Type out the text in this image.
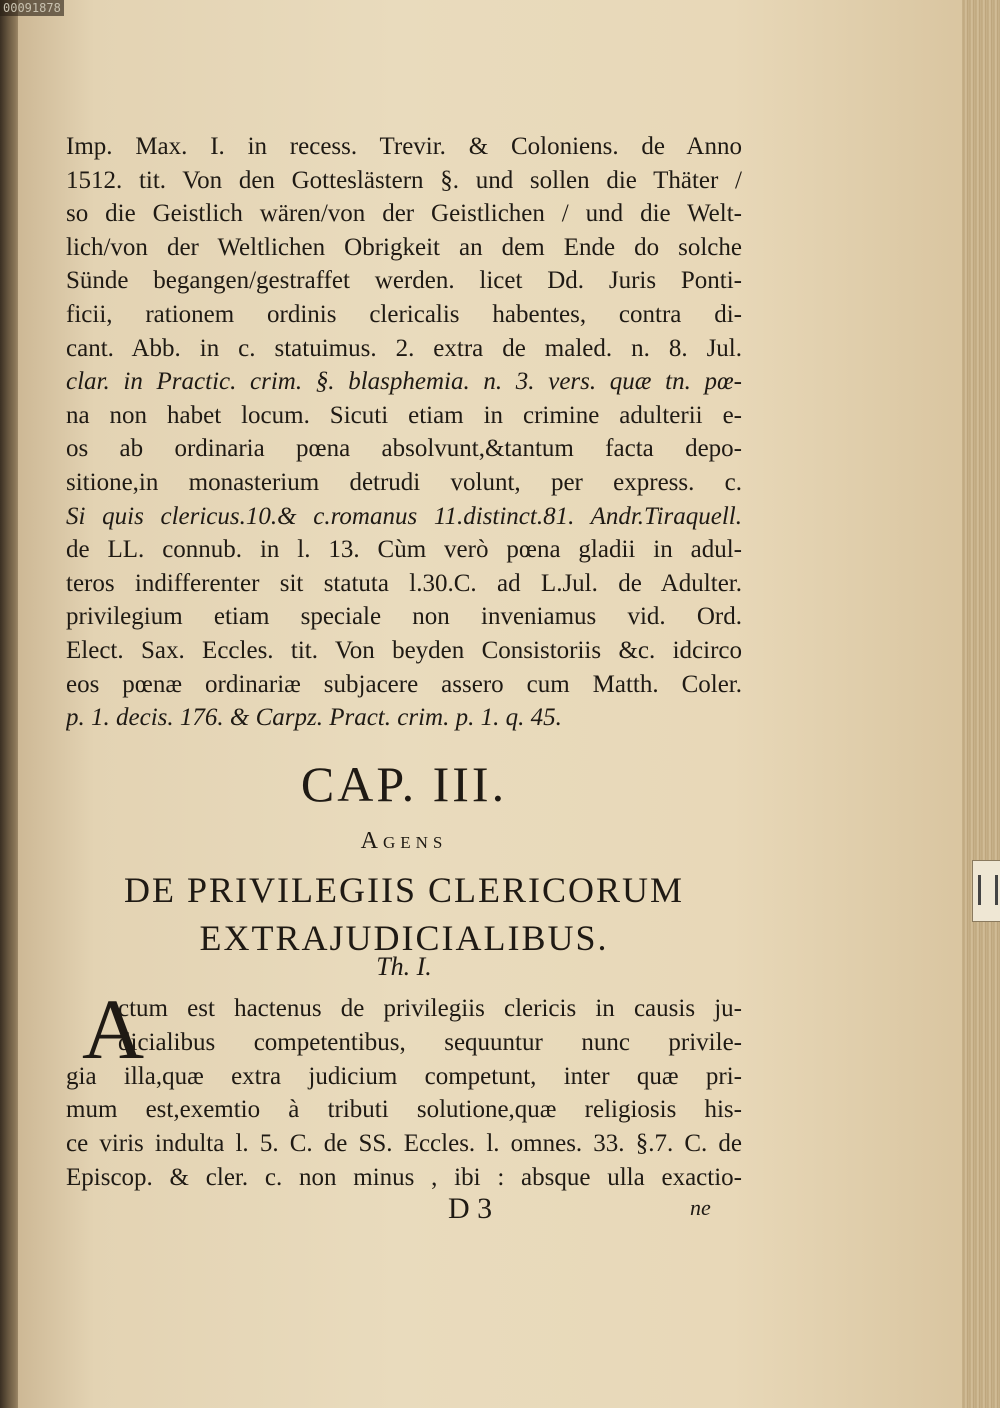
00091878
Imp. Max. I. in recess. Trevir. & Coloniens. de Anno
1512. tit. Von den Gotteslästern §. und sollen die Thäter /
so die Geistlich wären/von der Geistlichen / und die Welt-
lich/von der Weltlichen Obrigkeit an dem Ende do solche
Sünde begangen/gestraffet werden. licet Dd. Juris Ponti-
ficii, rationem ordinis clericalis habentes, contra di-
cant. Abb. in c. statuimus. 2. extra de maled. n. 8. Jul.
clar. in Practic. crim. §. blasphemia. n. 3. vers. quæ tn. pœ-
na non habet locum. Sicuti etiam in crimine adulterii e-
os ab ordinaria pœna absolvunt,&tantum facta depo-
sitione,in monasterium detrudi volunt, per express. c.
Si quis clericus.10.& c.romanus 11.distinct.81. Andr.Tiraquell.
de LL. connub. in l. 13. Cùm verò pœna gladii in adul-
teros indifferenter sit statuta l.30.C. ad L.Jul. de Adulter.
privilegium etiam speciale non inveniamus vid. Ord.
Elect. Sax. Eccles. tit. Von beyden Consistoriis &c. idcirco
eos pœnæ ordinariæ subjacere assero cum Matth. Coler.
p. 1. decis. 176. & Carpz. Pract. crim. p. 1. q. 45.
CAP. III.
Agens
DE PRIVILEGIIS CLERICORUM
EXTRAJUDICIALIBUS.
Th. I.
A
ctum est hactenus de privilegiis clericis in causis ju-
dicialibus competentibus, sequuntur nunc privile-
gia illa,quæ extra judicium competunt, inter quæ pri-
mum est,exemtio à tributi solutione,quæ religiosis his-
ce viris indulta l. 5. C. de SS. Eccles. l. omnes. 33. §.7. C. de
Episcop. & cler. c. non minus , ibi : absque ulla exactio-
D 3	ne
